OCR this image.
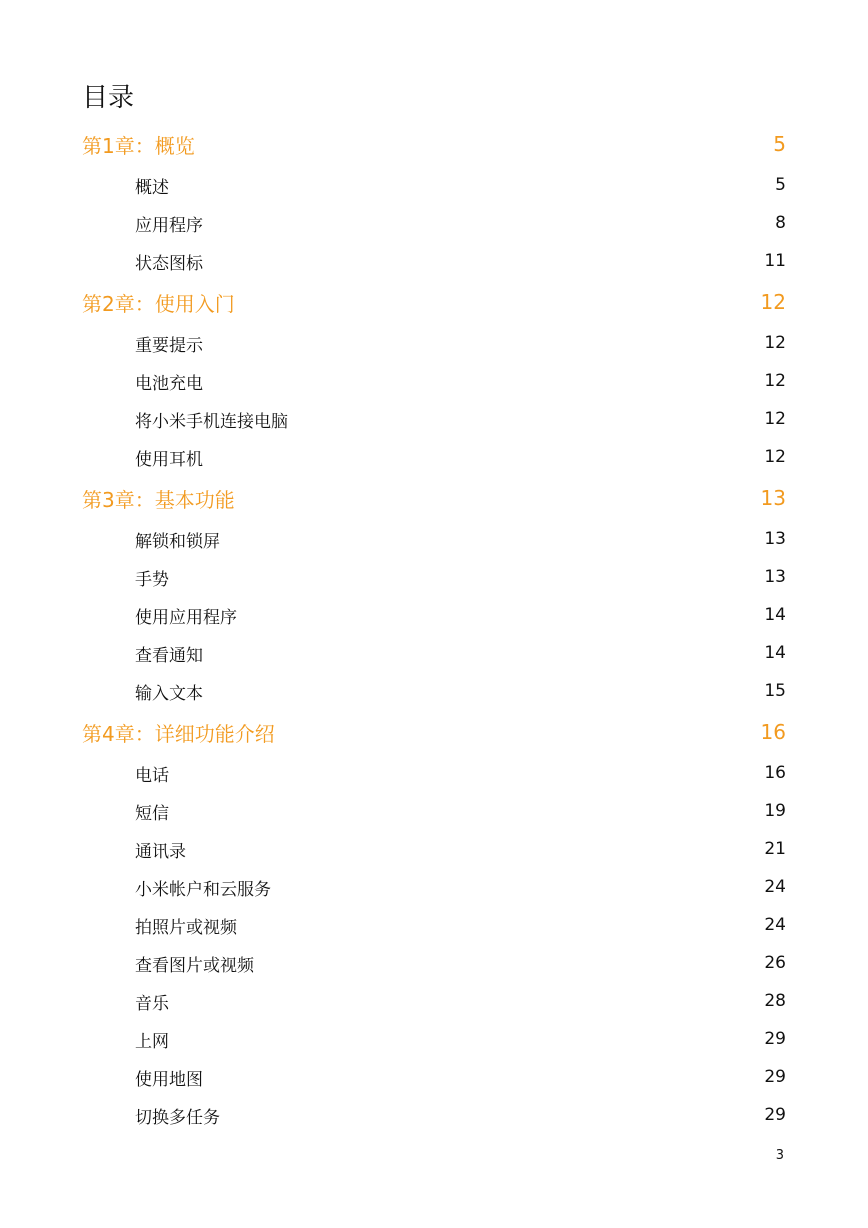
目录
第1章：概览	5
概述	5
应用程序	8
状态图标	11
第2章：使用入门	12
重要提示	12
电池充电	12
将小米手机连接电脑	12
使用耳机	12
第3章：基本功能	13
解锁和锁屏	13
手势	13
使用应用程序	14
查看通知	14
输入文本	15
第4章：详细功能介绍	16
电话	16
短信	19
通讯录	21
小米帐户和云服务	24
拍照片或视频	24
查看图片或视频	26
音乐	28
上网	29
使用地图	29
切换多任务	29
3
